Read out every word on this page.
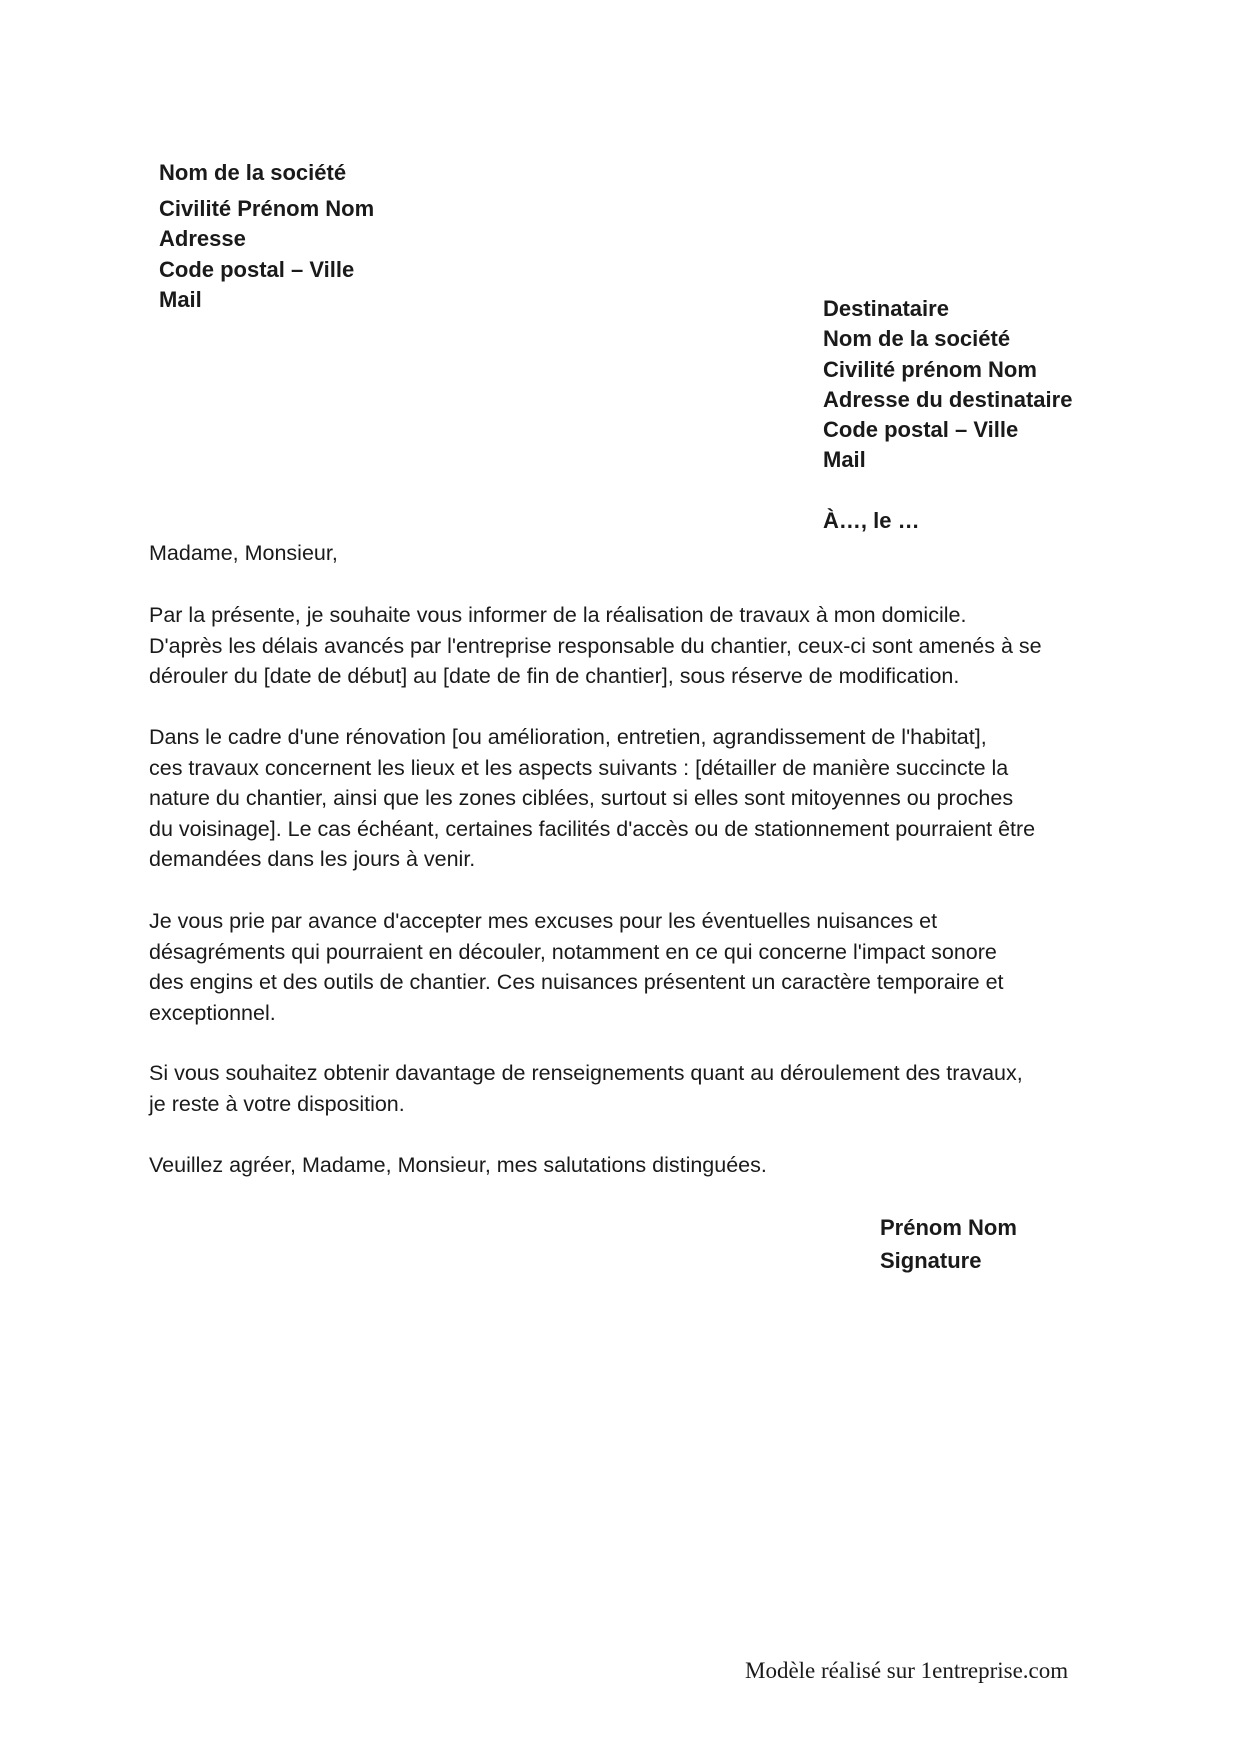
Nom de la société
Civilité Prénom Nom
Adresse
Code postal – Ville
Mail	Destinataire
Nom de la société
Civilité prénom Nom
Adresse du destinataire
Code postal – Ville
Mail
À…, le …
Madame, Monsieur,
Par la présente, je souhaite vous informer de la réalisation de travaux à mon domicile.
D'après les délais avancés par l'entreprise responsable du chantier, ceux-ci sont amenés à se
dérouler du [date de début] au [date de fin de chantier], sous réserve de modification.
Dans le cadre d'une rénovation [ou amélioration, entretien, agrandissement de l'habitat],
ces travaux concernent les lieux et les aspects suivants : [détailler de manière succincte la
nature du chantier, ainsi que les zones ciblées, surtout si elles sont mitoyennes ou proches
du voisinage]. Le cas échéant, certaines facilités d'accès ou de stationnement pourraient être
demandées dans les jours à venir.
Je vous prie par avance d'accepter mes excuses pour les éventuelles nuisances et
désagréments qui pourraient en découler, notamment en ce qui concerne l'impact sonore
des engins et des outils de chantier. Ces nuisances présentent un caractère temporaire et
exceptionnel.
Si vous souhaitez obtenir davantage de renseignements quant au déroulement des travaux,
je reste à votre disposition.
Veuillez agréer, Madame, Monsieur, mes salutations distinguées.
Prénom Nom
Signature
Modèle réalisé sur 1entreprise.com
